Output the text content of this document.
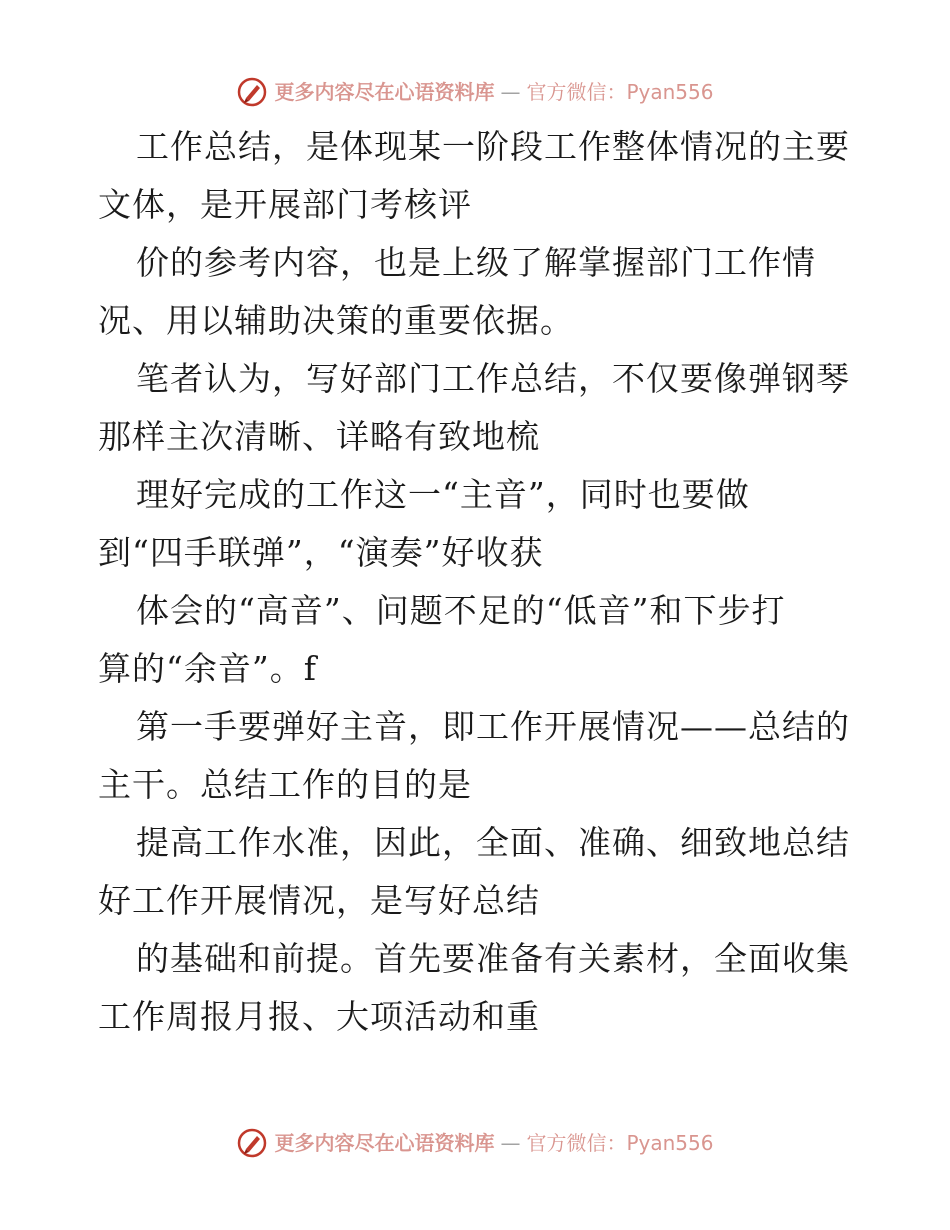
更多内容尽在心语资料库 — 官方微信：Pyan556

工作总结，是体现某一阶段工作整体情况的主要
文体，是开展部门考核评

价的参考内容，也是上级了解掌握部门工作情
况、用以辅助决策的重要依据。

笔者认为，写好部门工作总结，不仅要像弹钢琴
那样主次清晰、详略有致地梳

理好完成的工作这一“主音”，同时也要做
到“四手联弹”，“演奏”好收获

体会的“高音”、问题不足的“低音”和下步打
算的“余音”。f

第一手要弹好主音，即工作开展情况——总结的
主干。总结工作的目的是

提高工作水准，因此，全面、准确、细致地总结
好工作开展情况，是写好总结

的基础和前提。首先要准备有关素材，全面收集
工作周报月报、大项活动和重

更多内容尽在心语资料库 — 官方微信：Pyan556
